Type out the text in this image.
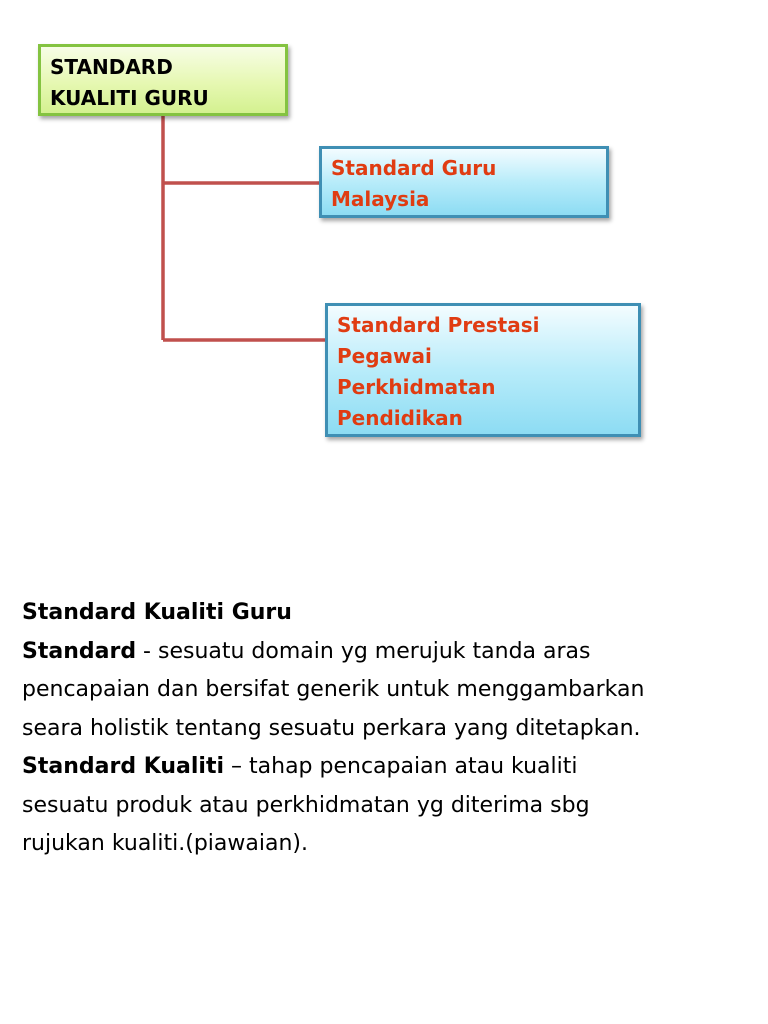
STANDARD
KUALITI GURU
Standard Guru
Malaysia
Standard Prestasi
Pegawai
Perkhidmatan
Pendidikan
Standard Kualiti Guru
Standard - sesuatu domain yg merujuk tanda aras
pencapaian dan bersifat generik untuk menggambarkan
seara holistik tentang sesuatu perkara yang ditetapkan.
Standard Kualiti – tahap pencapaian atau kualiti
sesuatu produk atau perkhidmatan yg diterima sbg
rujukan kualiti.(piawaian).
